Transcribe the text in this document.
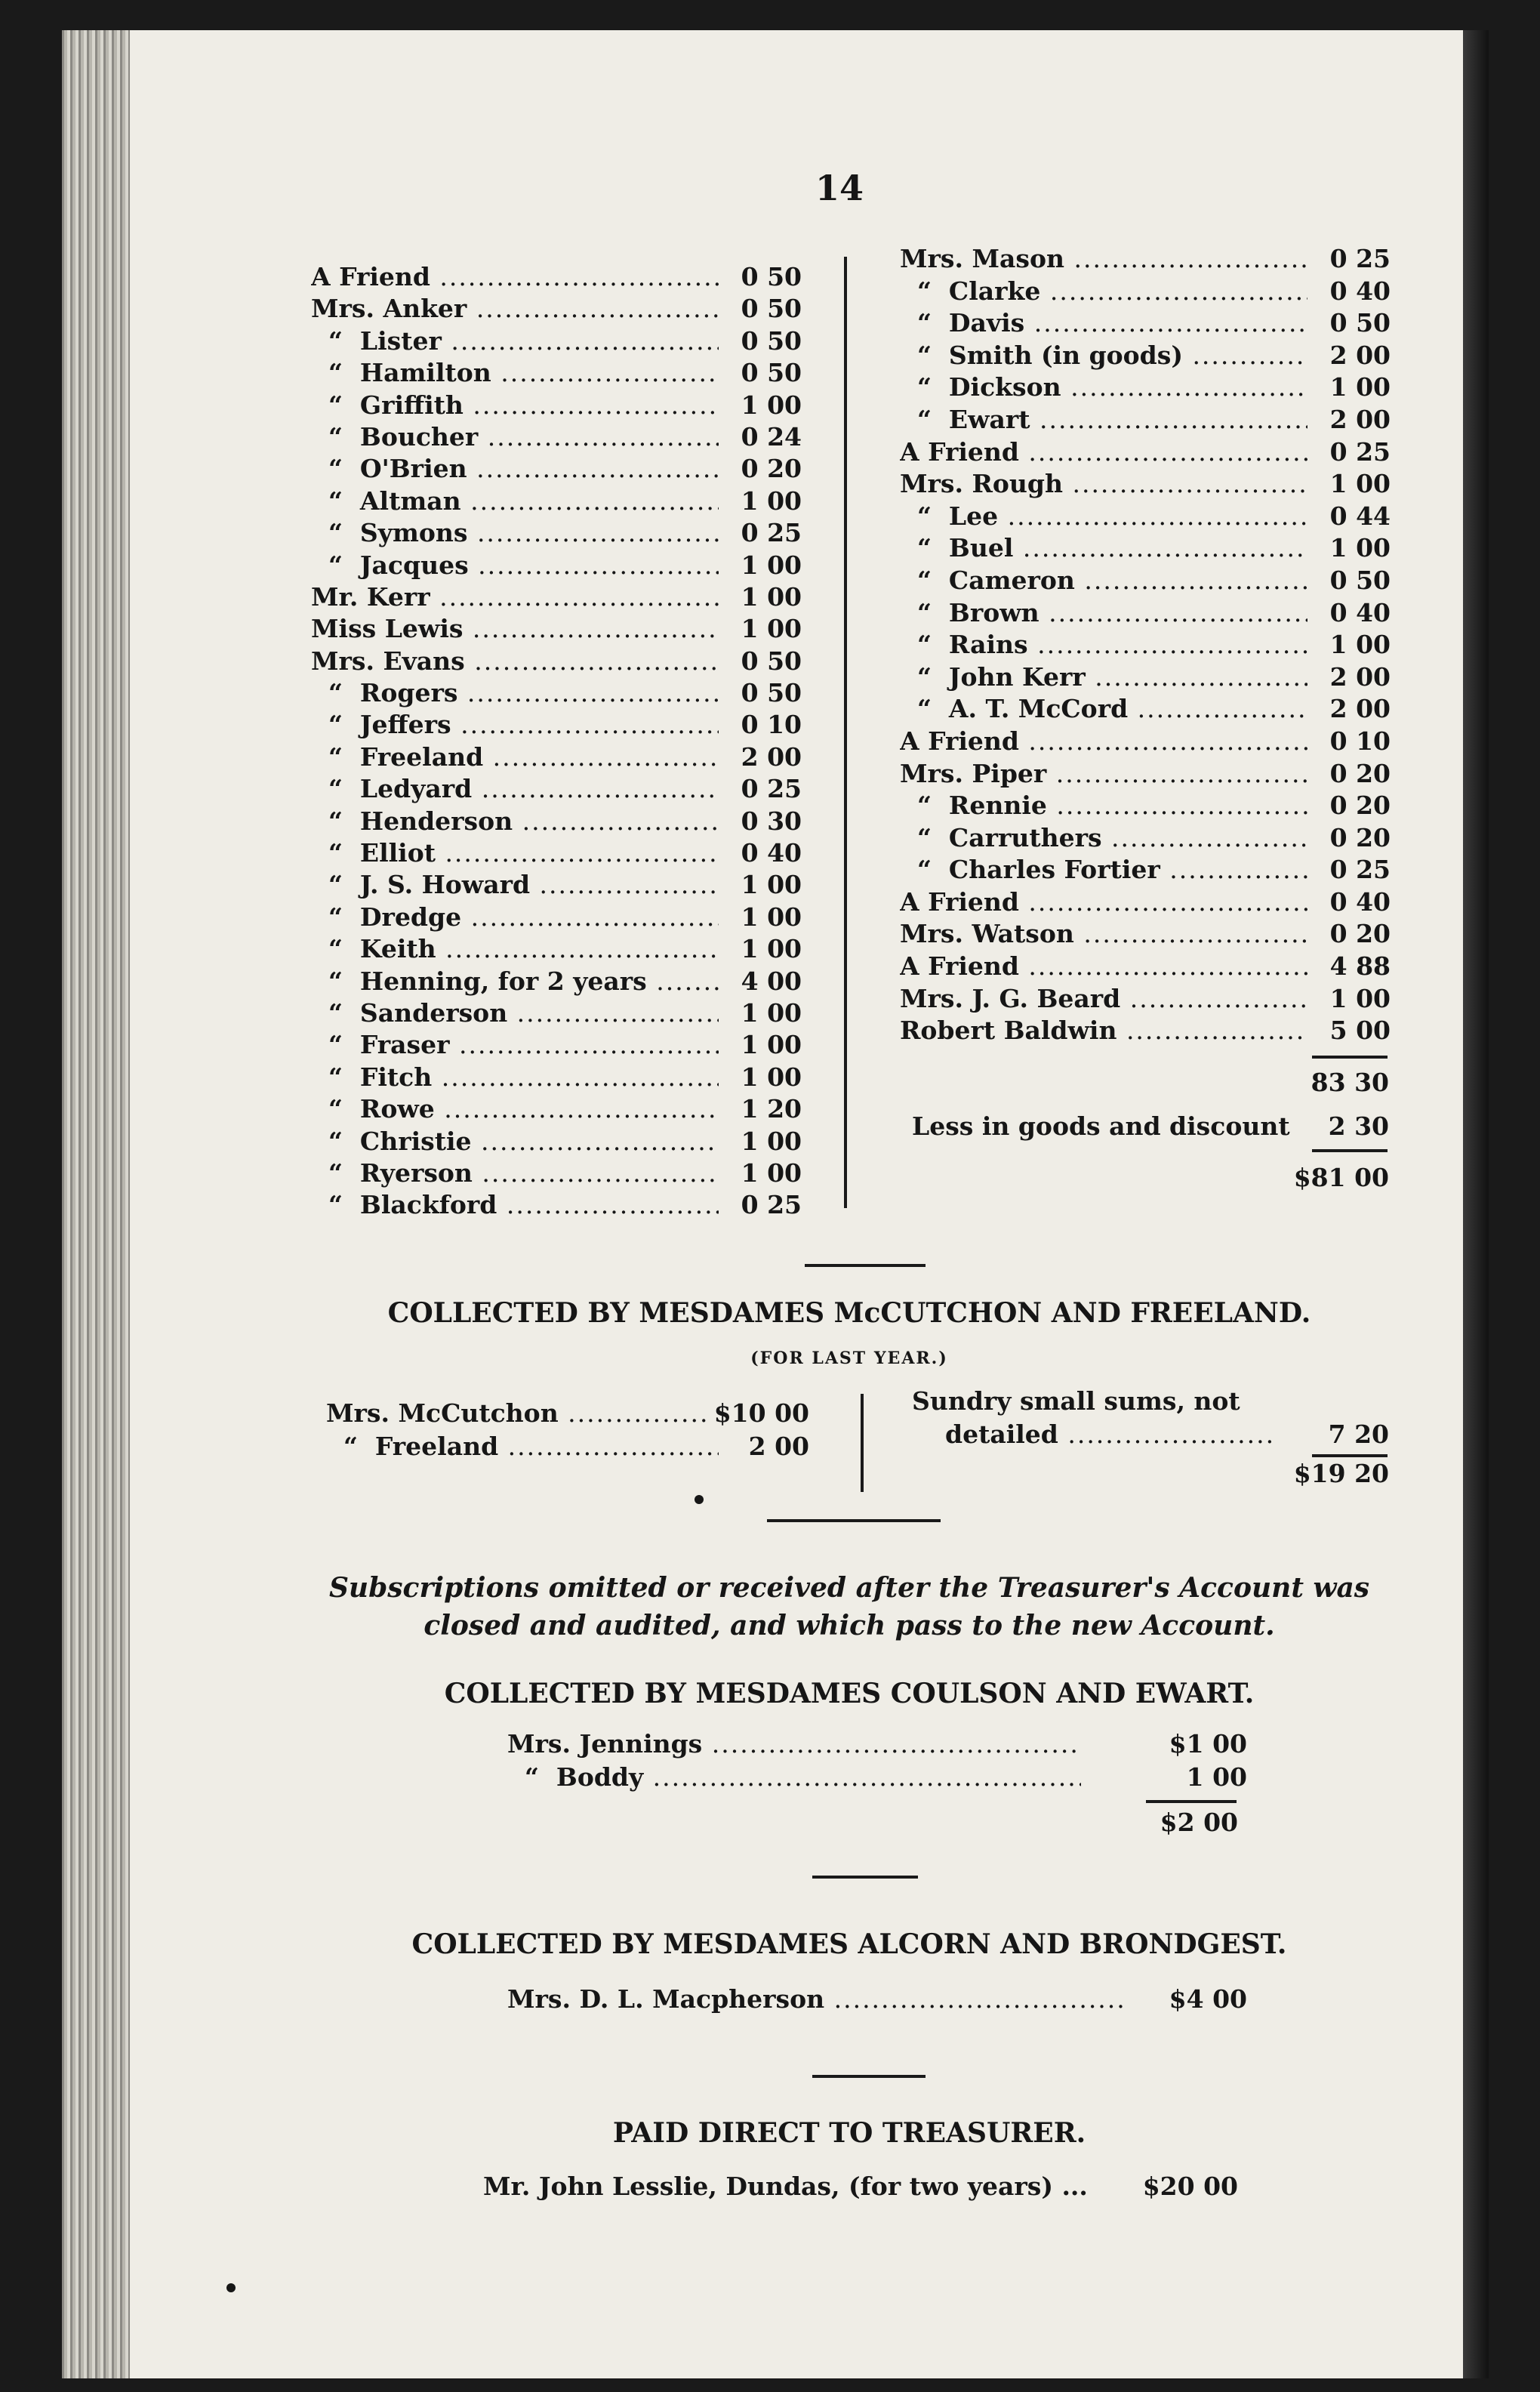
14
A Friend .....	0 50
Mrs. Anker .....	0 50
“  Lister .....	0 50
“  Hamilton .....	0 50
“  Griffith .....	1 00
“  Boucher .....	0 24
“  O'Brien .....	0 20
“  Altman .....	1 00
“  Symons .....	0 25
“  Jacques .....	1 00
Mr. Kerr .....	1 00
Miss Lewis .....	1 00
Mrs. Evans .....	0 50
“  Rogers .....	0 50
“  Jeffers .....	0 10
“  Freeland .....	2 00
“  Ledyard .....	0 25
“  Henderson .....	0 30
“  Elliot .....	0 40
“  J. S. Howard .....	1 00
“  Dredge .....	1 00
“  Keith .....	1 00
“  Henning, for 2 years .....	4 00
“  Sanderson .....	1 00
“  Fraser .....	1 00
“  Fitch .....	1 00
“  Rowe .....	1 20
“  Christie .....	1 00
“  Ryerson .....	1 00
“  Blackford .....	0 25
Mrs. Mason .....	0 25
“  Clarke .....	0 40
“  Davis .....	0 50
“  Smith (in goods) .....	2 00
“  Dickson .....	1 00
“  Ewart .....	2 00
A Friend .....	0 25
Mrs. Rough .....	1 00
“  Lee .....	0 44
“  Buel .....	1 00
“  Cameron .....	0 50
“  Brown .....	0 40
“  Rains .....	1 00
“  John Kerr .....	2 00
“  A. T. McCord .....	2 00
A Friend .....	0 10
Mrs. Piper .....	0 20
“  Rennie .....	0 20
“  Carruthers .....	0 20
“  Charles Fortier .....	0 25
A Friend .....	0 40
Mrs. Watson .....	0 20
A Friend .....	4 88
Mrs. J. G. Beard .....	1 00
Robert Baldwin .....	5 00
83 30
Less in goods and discount	2 30
$81 00
COLLECTED BY MESDAMES McCUTCHON AND FREELAND.
(FOR LAST YEAR.)
Mrs. McCutchon .....	$10 00
“  Freeland .....	2 00
Sundry small sums, not
detailed .....	7 20
$19 20
Subscriptions omitted or received after the Treasurer's Account was
closed and audited, and which pass to the new Account.
COLLECTED BY MESDAMES COULSON AND EWART.
Mrs. Jennings .....	$1 00
“  Boddy .....	1 00
$2 00
COLLECTED BY MESDAMES ALCORN AND BRONDGEST.
Mrs. D. L. Macpherson .....	$4 00
PAID DIRECT TO TREASURER.
Mr. John Lesslie, Dundas, (for two years) ... $20 00
